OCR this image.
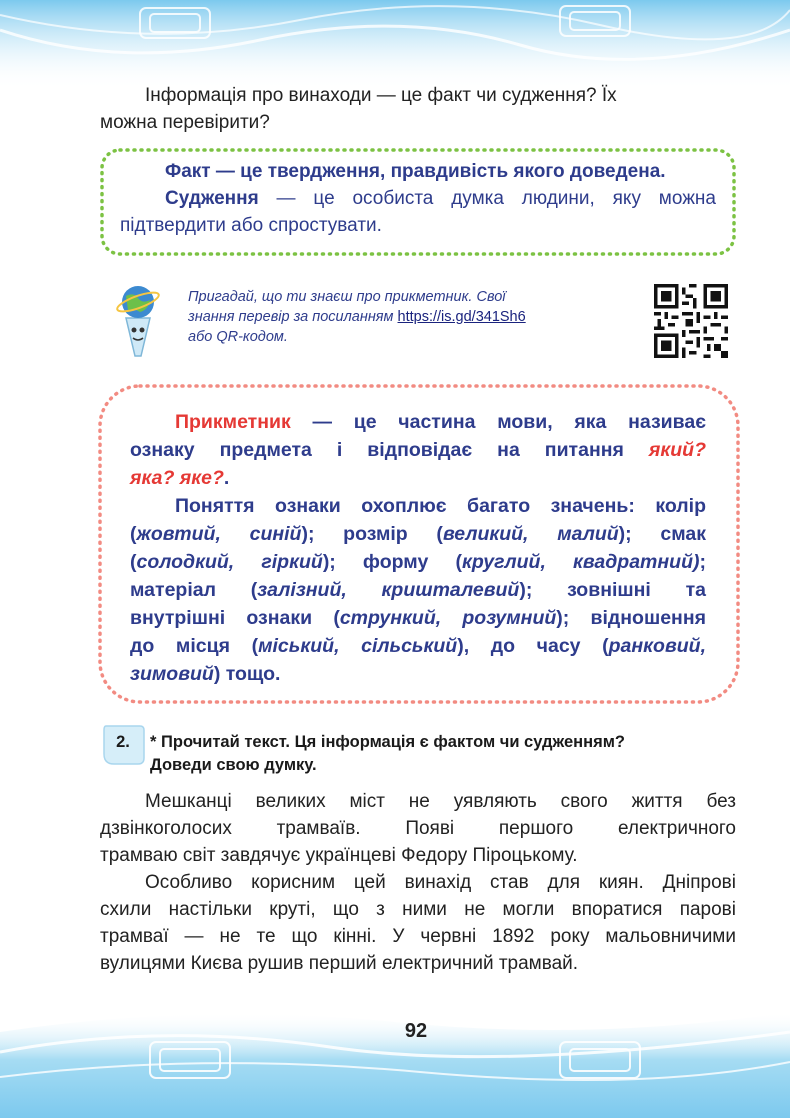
Інформація про винаходи — це факт чи судження? Їх
можна перевірити?
Факт — це твердження, правдивість якого доведена.
Судження — це особиста думка людини, яку можна
підтвердити або спростувати.
Пригадай, що ти знаєш про прикметник. Свої
знання перевір за посиланням https://is.gd/341Sh6
або QR-кодом.
Прикметник — це частина мови, яка називає
ознаку предмета і відповідає на питання який?
яка? яке?.
Поняття ознаки охоплює багато значень: колір
(жовтий, синій); розмір (великий, малий); смак
(солодкий, гіркий); форму (круглий, квадратний);
матеріал (залізний, кришталевий); зовнішні та
внутрішні ознаки (стрункий, розумний); відношення
до місця (міський, сільський), до часу (ранковий,
зимовий) тощо.
2.	* Прочитай текст. Ця інформація є фактом чи судженням?
Доведи свою думку.
Мешканці великих міст не уявляють свого життя без
дзвінкоголосих трамваїв. Появі першого електричного
трамваю світ завдячує українцеві Федору Піроцькому.
Особливо корисним цей винахід став для киян. Дніпрові
схили настільки круті, що з ними не могли впоратися парові
трамваї — не те що кінні. У червні 1892 року мальовничими
вулицями Києва рушив перший електричний трамвай.
92
